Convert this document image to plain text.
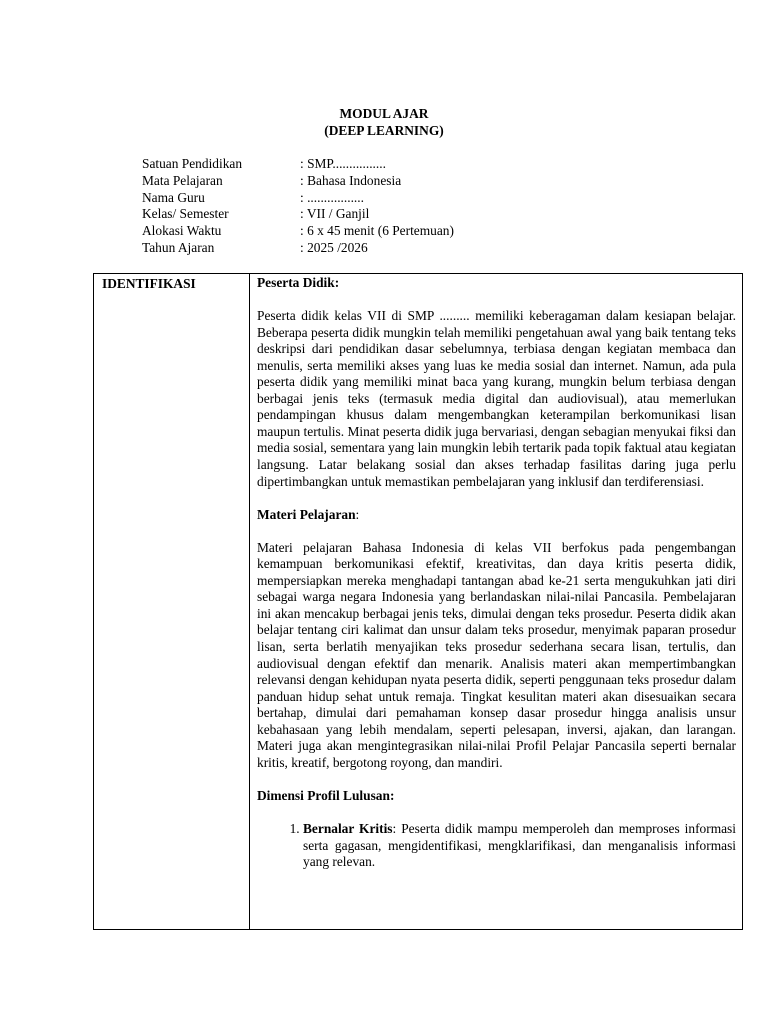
MODUL AJAR
(DEEP LEARNING)
Satuan Pendidikan	: SMP................
Mata Pelajaran	: Bahasa Indonesia
Nama Guru	: .................
Kelas/ Semester	: VII / Ganjil
Alokasi Waktu	: 6 x 45 menit (6 Pertemuan)
Tahun Ajaran	: 2025 /2026
IDENTIFIKASI	Peserta Didik:

Peserta didik kelas VII di SMP ......... memiliki keberagaman dalam kesiapan belajar. Beberapa peserta didik mungkin telah memiliki pengetahuan awal yang baik tentang teks deskripsi dari pendidikan dasar sebelumnya, terbiasa dengan kegiatan membaca dan menulis, serta memiliki akses yang luas ke media sosial dan internet. Namun, ada pula peserta didik yang memiliki minat baca yang kurang, mungkin belum terbiasa dengan berbagai jenis teks (termasuk media digital dan audiovisual), atau memerlukan pendampingan khusus dalam mengembangkan keterampilan berkomunikasi lisan maupun tertulis. Minat peserta didik juga bervariasi, dengan sebagian menyukai fiksi dan media sosial, sementara yang lain mungkin lebih tertarik pada topik faktual atau kegiatan langsung. Latar belakang sosial dan akses terhadap fasilitas daring juga perlu dipertimbangkan untuk memastikan pembelajaran yang inklusif dan terdiferensiasi.

Materi Pelajaran:

Materi pelajaran Bahasa Indonesia di kelas VII berfokus pada pengembangan kemampuan berkomunikasi efektif, kreativitas, dan daya kritis peserta didik, mempersiapkan mereka menghadapi tantangan abad ke-21 serta mengukuhkan jati diri sebagai warga negara Indonesia yang berlandaskan nilai-nilai Pancasila. Pembelajaran ini akan mencakup berbagai jenis teks, dimulai dengan teks prosedur. Peserta didik akan belajar tentang ciri kalimat dan unsur dalam teks prosedur, menyimak paparan prosedur lisan, serta berlatih menyajikan teks prosedur sederhana secara lisan, tertulis, dan audiovisual dengan efektif dan menarik. Analisis materi akan mempertimbangkan relevansi dengan kehidupan nyata peserta didik, seperti penggunaan teks prosedur dalam panduan hidup sehat untuk remaja. Tingkat kesulitan materi akan disesuaikan secara bertahap, dimulai dari pemahaman konsep dasar prosedur hingga analisis unsur kebahasaan yang lebih mendalam, seperti pelesapan, inversi, ajakan, dan larangan. Materi juga akan mengintegrasikan nilai-nilai Profil Pelajar Pancasila seperti bernalar kritis, kreatif, bergotong royong, dan mandiri.

Dimensi Profil Lulusan:

1. Bernalar Kritis: Peserta didik mampu memperoleh dan memproses informasi serta gagasan, mengidentifikasi, mengklarifikasi, dan menganalisis informasi yang relevan.
